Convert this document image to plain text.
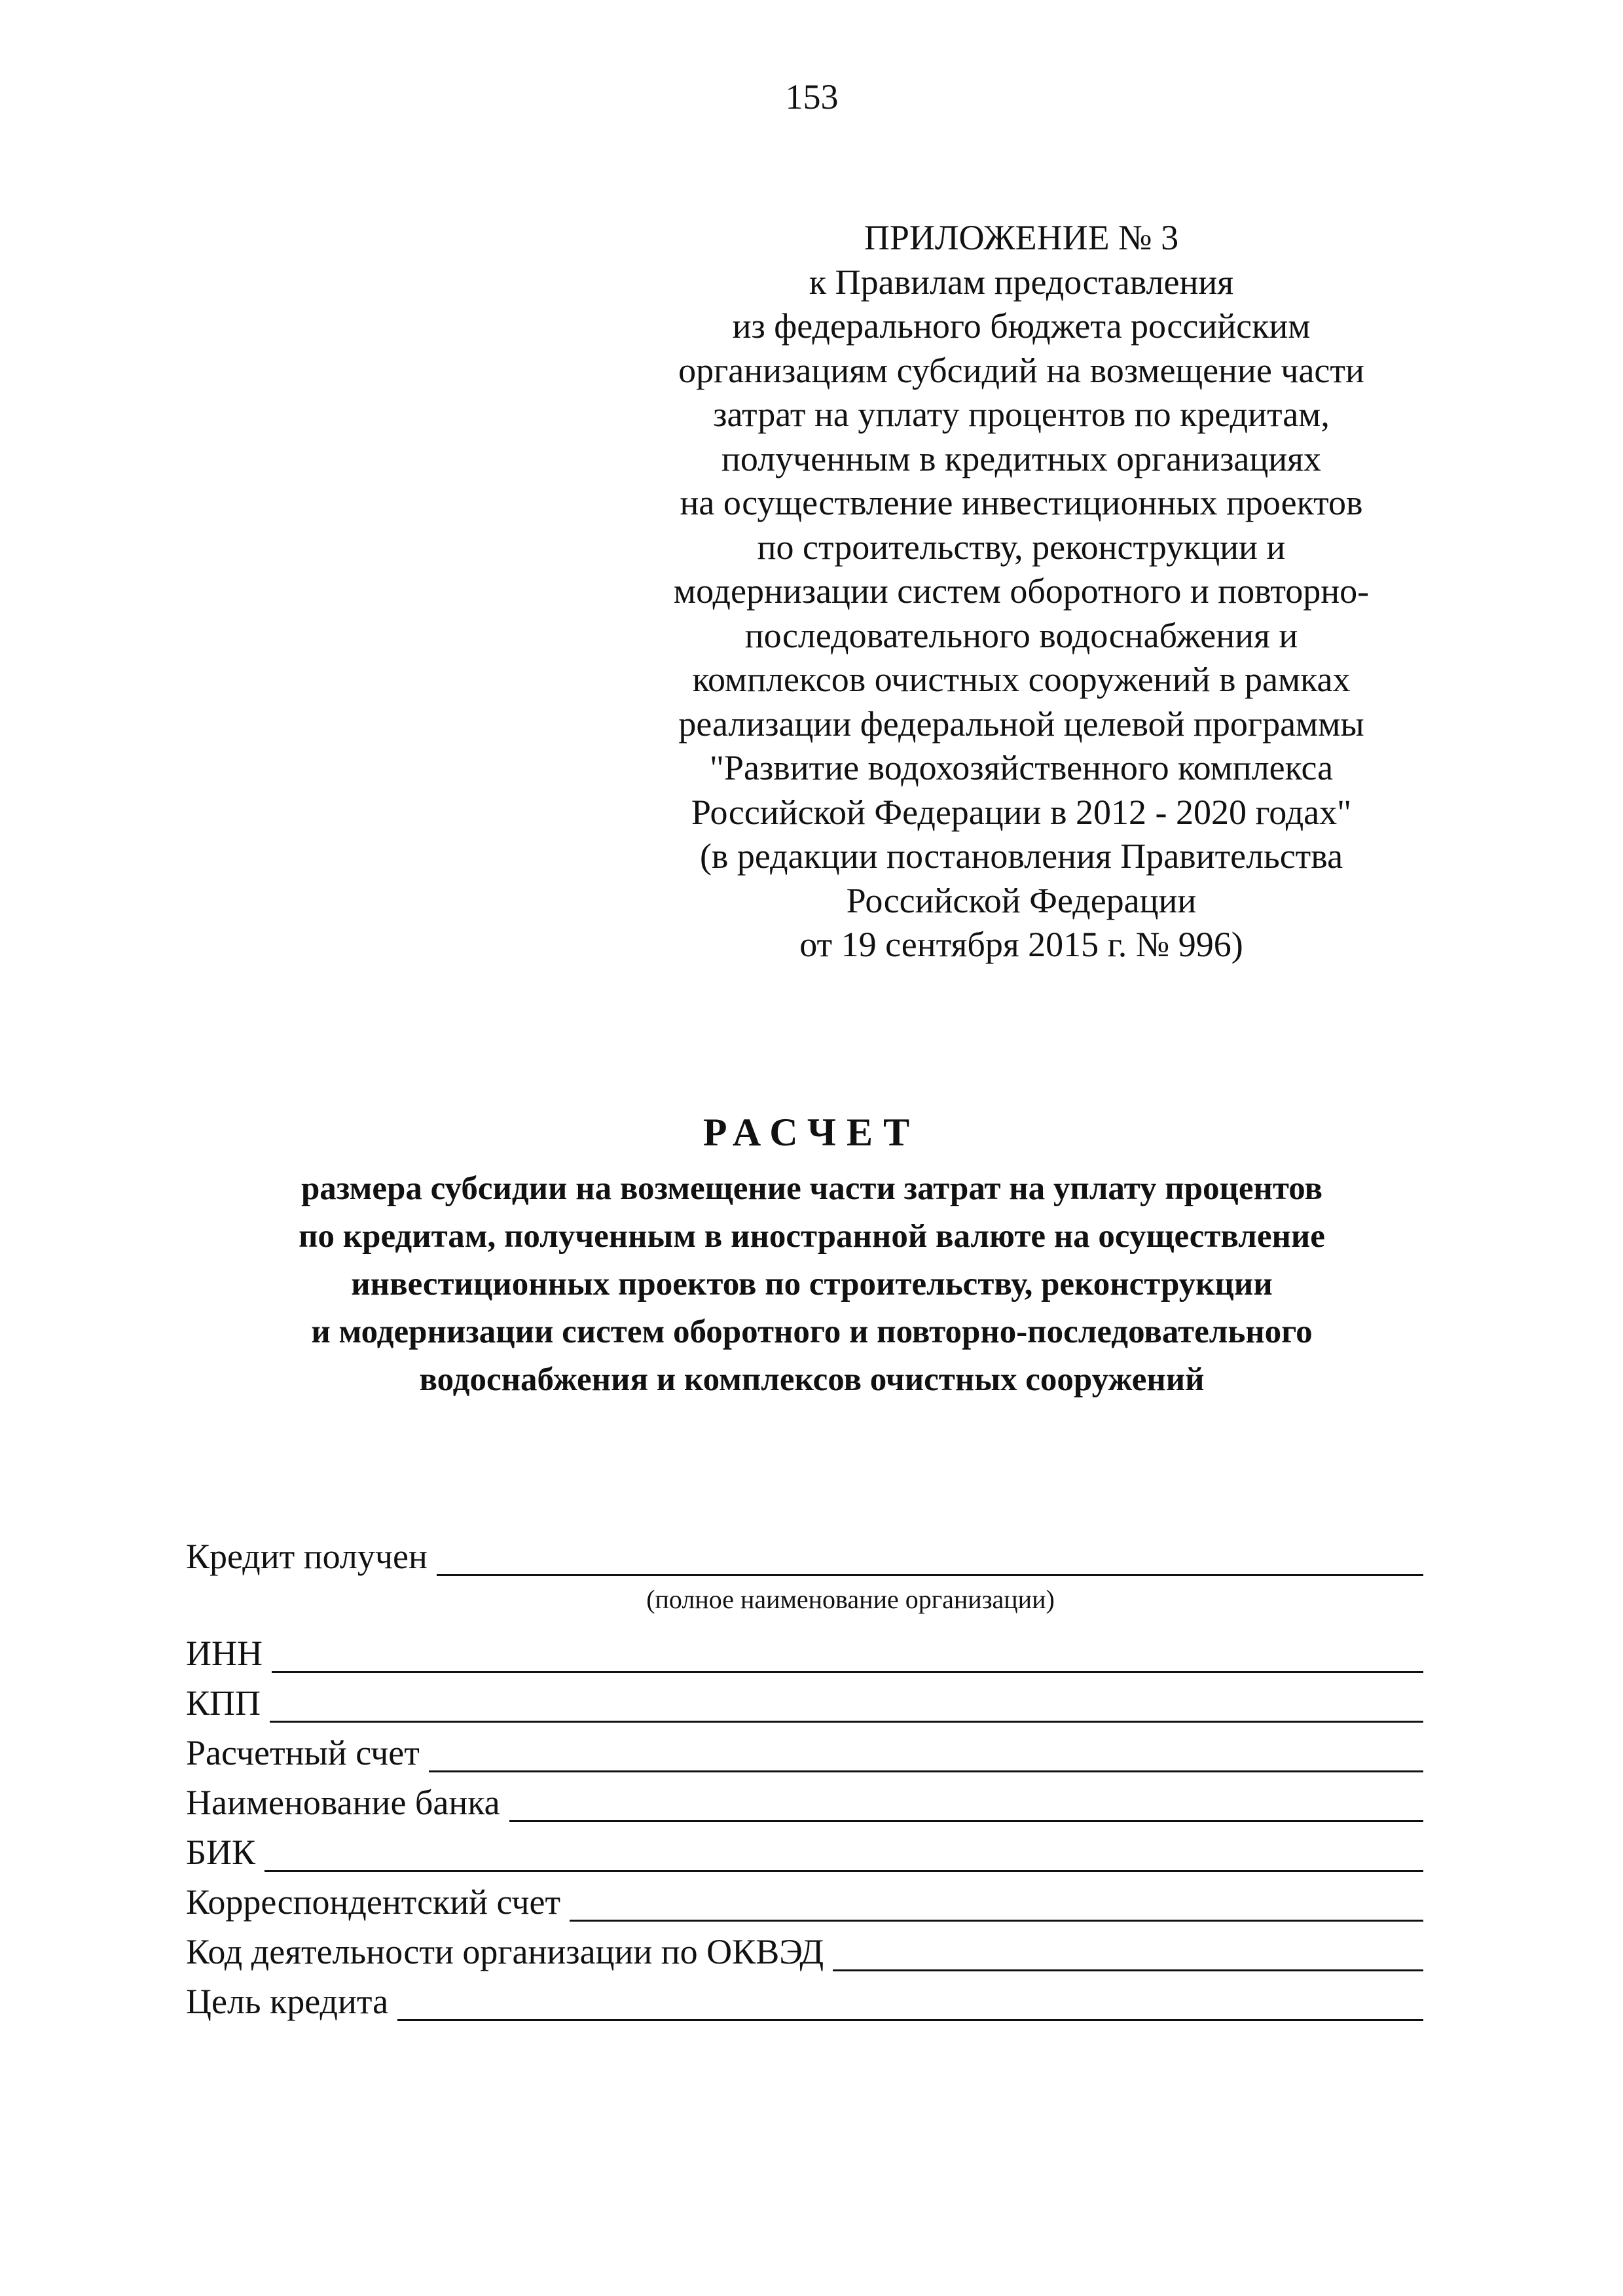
153
ПРИЛОЖЕНИЕ № 3
к Правилам предоставления
из федерального бюджета российским
организациям субсидий на возмещение части
затрат на уплату процентов по кредитам,
полученным в кредитных организациях
на осуществление инвестиционных проектов
по строительству, реконструкции и
модернизации систем оборотного и повторно-
последовательного водоснабжения и
комплексов очистных сооружений в рамках
реализации федеральной целевой программы
"Развитие водохозяйственного комплекса
Российской Федерации в 2012 - 2020 годах"
(в редакции постановления Правительства
Российской Федерации
от 19 сентября 2015 г. № 996)
РАСЧЕТ
размера субсидии на возмещение части затрат на уплату процентов
по кредитам, полученным в иностранной валюте на осуществление
инвестиционных проектов по строительству, реконструкции
и модернизации систем оборотного и повторно-последовательного
водоснабжения и комплексов очистных сооружений
Кредит получен
(полное наименование организации)
ИНН
КПП
Расчетный счет
Наименование банка
БИК
Корреспондентский счет
Код деятельности организации по ОКВЭД
Цель кредита
